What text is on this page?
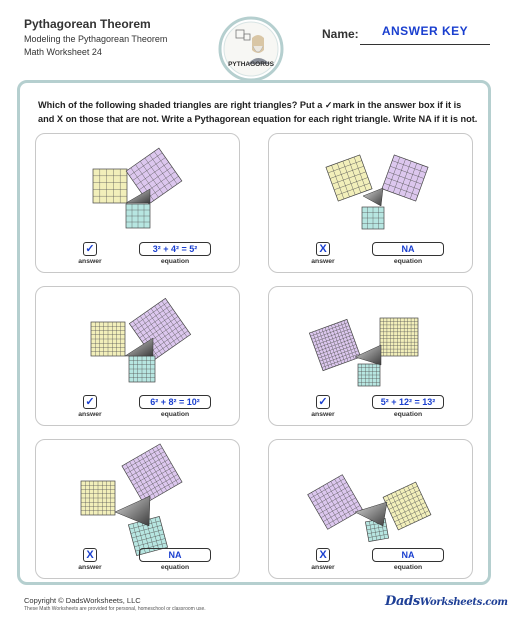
Pythagorean Theorem
Modeling the Pythagorean Theorem
Math Worksheet 24
PYTHAGORUS
Name:	ANSWER KEY
Which of the following shaded triangles are right triangles? Put a ✓mark in the answer box if it is and X on those that are not. Write a Pythagorean equation for each right triangle. Write NA if it is not.
✓
answer
3² + 4² = 5²
equation
X
answer
NA
equation
✓
answer
6² + 8² = 10²
equation
✓
answer
5² + 12² = 13²
equation
X
answer
NA
equation
X
answer
NA
equation
Copyright © DadsWorksheets, LLC
These Math Worksheets are provided for personal, homeschool or classroom use.	DadsWorksheets.com
